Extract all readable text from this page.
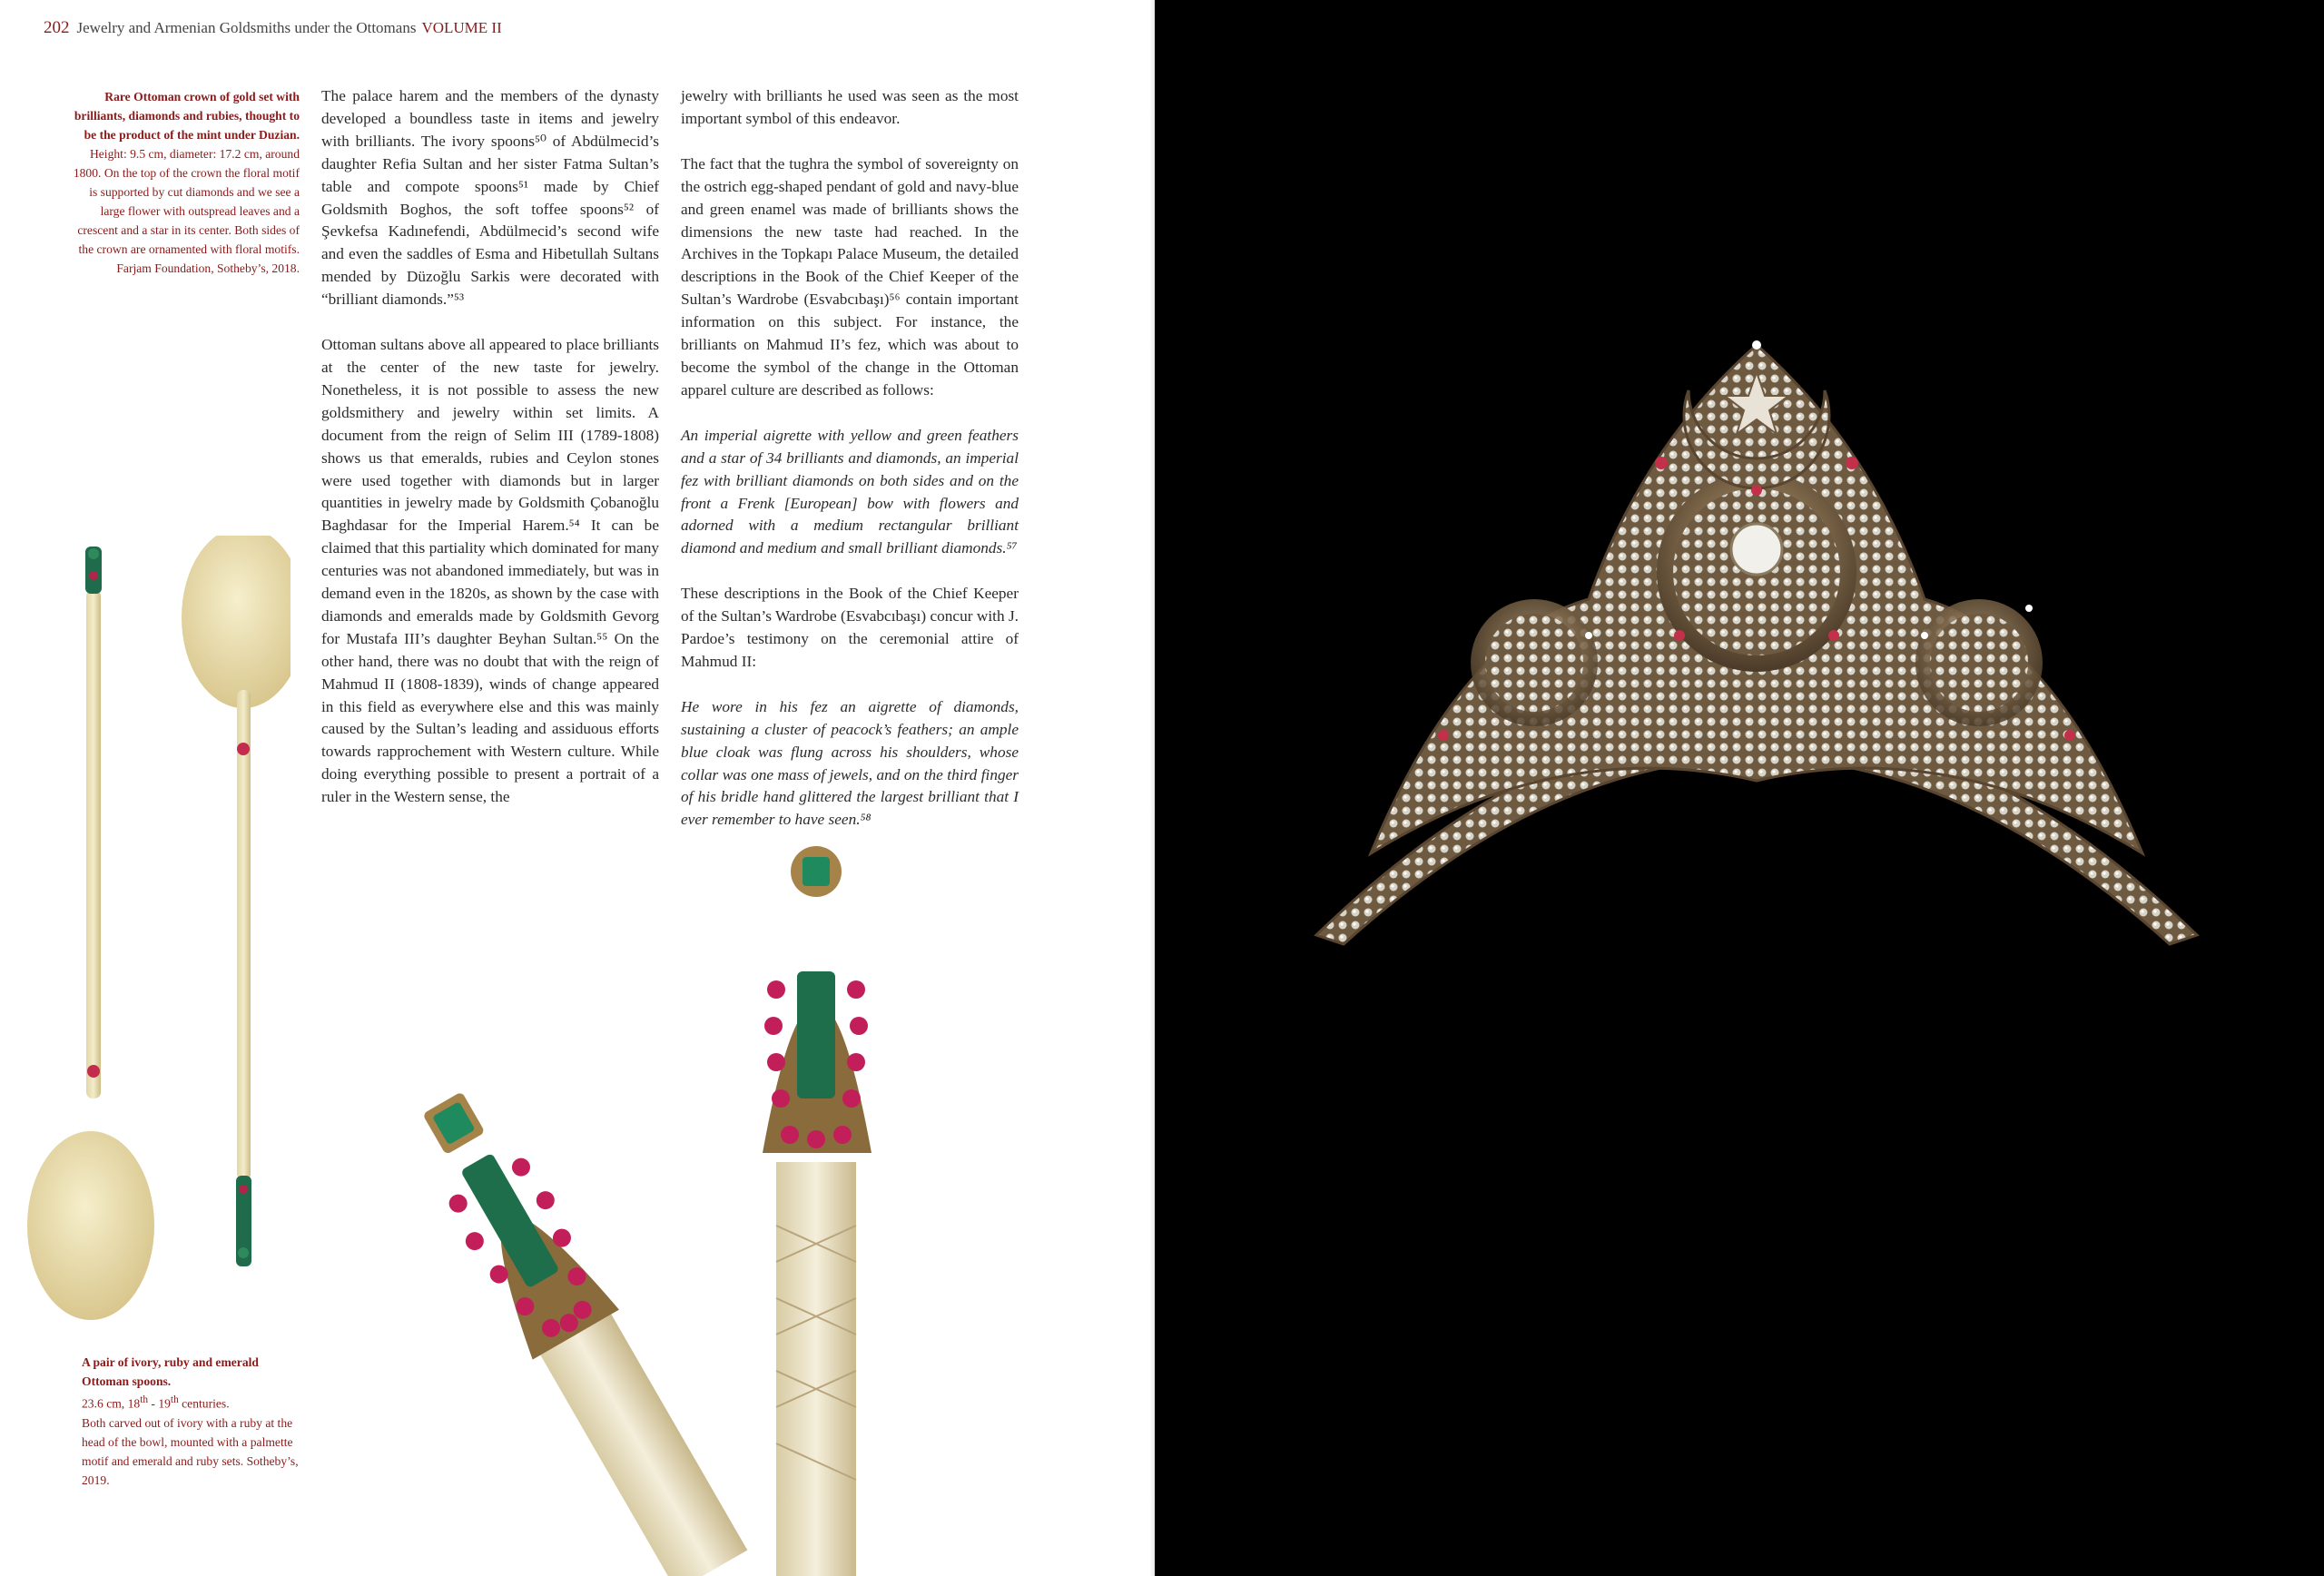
202 Jewelry and Armenian Goldsmiths under the Ottomans VOLUME II
Rare Ottoman crown of gold set with brilliants, diamonds and rubies, thought to be the product of the mint under Duzian. Height: 9.5 cm, diameter: 17.2 cm, around 1800. On the top of the crown the floral motif is supported by cut diamonds and we see a large flower with outspread leaves and a crescent and a star in its center. Both sides of the crown are ornamented with floral motifs. Farjam Foundation, Sotheby’s, 2018.

The palace harem and the members of the dynasty developed a boundless taste in items and jewelry with brilliants. The ivory spoons⁵⁰ of Abdülmecid’s daughter Refia Sultan and her sister Fatma Sultan’s table and compote spoons⁵¹ made by Chief Goldsmith Boghos, the soft toffee spoons⁵² of Şevkefsa Kadınefendi, Abdülmecid’s second wife and even the saddles of Esma and Hibetullah Sultans mended by Düzoğlu Sarkis were decorated with “brilliant diamonds.”⁵³

Ottoman sultans above all appeared to place brilliants at the center of the new taste for jewelry. Nonetheless, it is not possible to assess the new goldsmithery and jewelry within set limits. A document from the reign of Selim III (1789-1808) shows us that emeralds, rubies and Ceylon stones were used together with diamonds but in larger quantities in jewelry made by Goldsmith Çobanoğlu Baghdasar for the Imperial Harem.⁵⁴ It can be claimed that this partiality which dominated for many centuries was not abandoned immediately, but was in demand even in the 1820s, as shown by the case with diamonds and emeralds made by Goldsmith Gevorg for Mustafa III’s daughter Beyhan Sultan.⁵⁵ On the other hand, there was no doubt that with the reign of Mahmud II (1808-1839), winds of change appeared in this field as everywhere else and this was mainly caused by the Sultan’s leading and assiduous efforts towards rapprochement with Western culture. While doing everything possible to present a portrait of a ruler in the Western sense, the

jewelry with brilliants he used was seen as the most important symbol of this endeavor.

The fact that the tughra the symbol of sovereignty on the ostrich egg-shaped pendant of gold and navy-blue and green enamel was made of brilliants shows the dimensions the new taste had reached. In the Archives in the Topkapı Palace Museum, the detailed descriptions in the Book of the Chief Keeper of the Sultan’s Wardrobe (Esvabcıbaşı)⁵⁶ contain important information on this subject. For instance, the brilliants on Mahmud II’s fez, which was about to become the symbol of the change in the Ottoman apparel culture are described as follows:

An imperial aigrette with yellow and green feathers and a star of 34 brilliants and diamonds, an imperial fez with brilliant diamonds on both sides and on the front a Frenk [European] bow with flowers and adorned with a medium rectangular brilliant diamond and medium and small brilliant diamonds.⁵⁷

These descriptions in the Book of the Chief Keeper of the Sultan’s Wardrobe (Esvabcıbaşı) concur with J. Pardoe’s testimony on the ceremonial attire of Mahmud II:

He wore in his fez an aigrette of diamonds, sustaining a cluster of peacock’s feathers; an ample blue cloak was flung across his shoulders, whose collar was one mass of jewels, and on the third finger of his bridle hand glittered the largest brilliant that I ever remember to have seen.⁵⁸

A pair of ivory, ruby and emerald Ottoman spoons.
23.6 cm, 18th - 19th centuries.
Both carved out of ivory with a ruby at the head of the bowl, mounted with a palmette motif and emerald and ruby sets. Sotheby’s, 2019.
